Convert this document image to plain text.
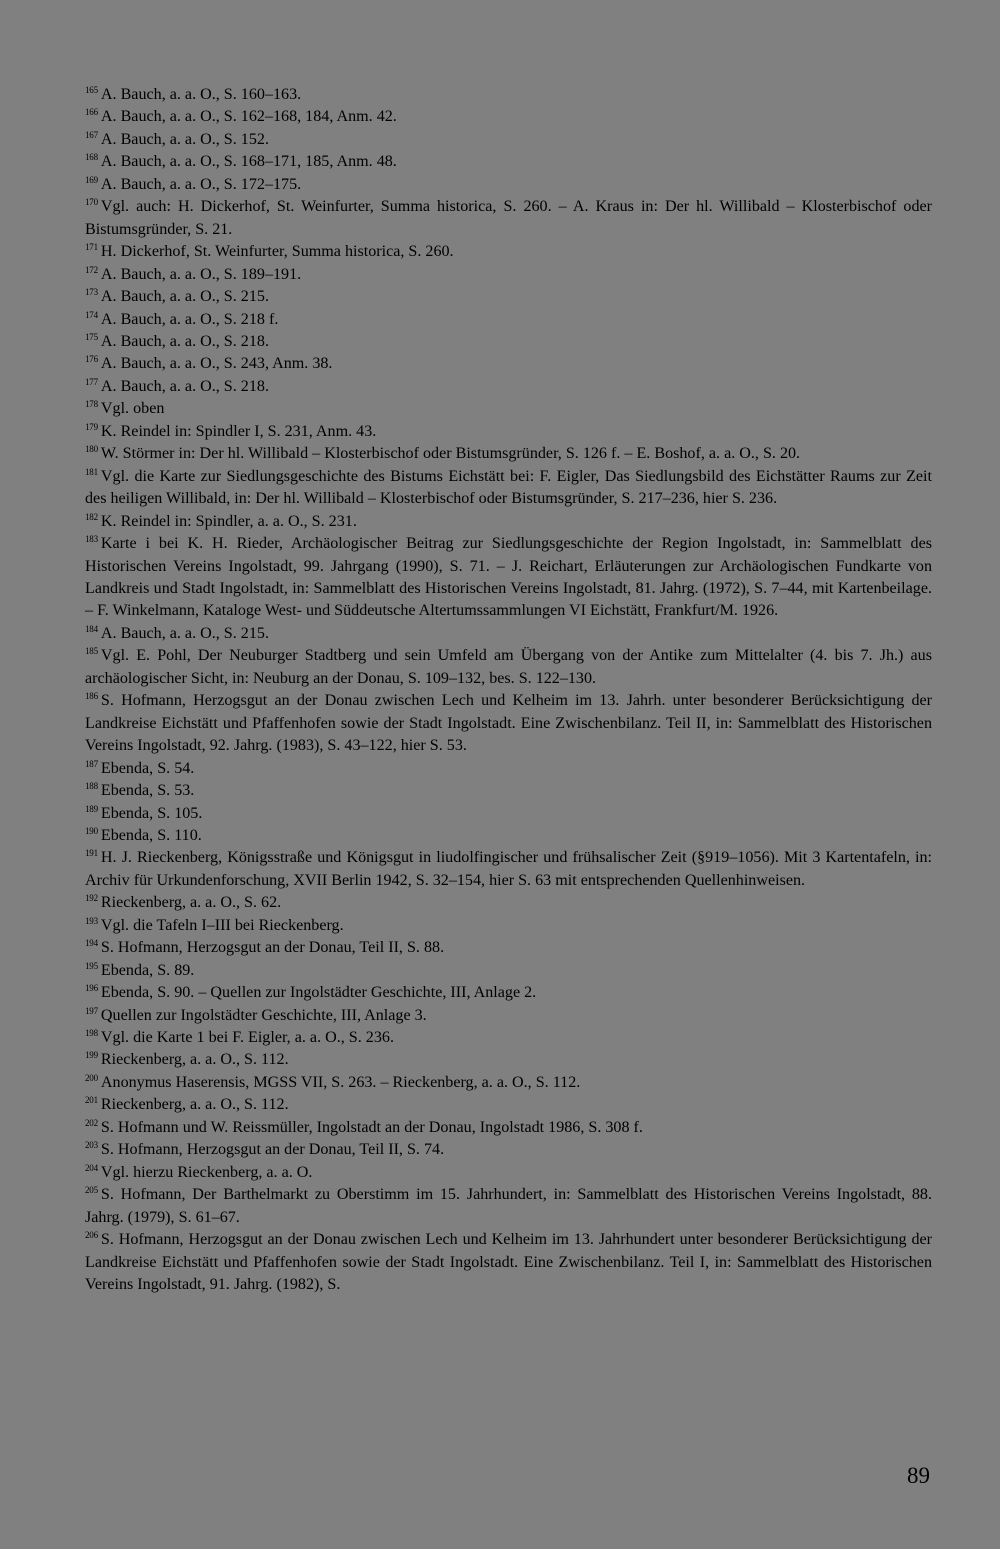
$^{165}$ A. Bauch, a. a. O., S. 160–163.
$^{166}$ A. Bauch, a. a. O., S. 162–168, 184, Anm. 42.
$^{167}$ A. Bauch, a. a. O., S. 152.
$^{168}$ A. Bauch, a. a. O., S. 168–171, 185, Anm. 48.
$^{169}$ A. Bauch, a. a. O., S. 172–175.
$^{170}$ Vgl. auch: H. Dickerhof, St. Weinfurter, Summa historica, S. 260. – A. Kraus in: Der hl. Willibald – Klosterbischof oder Bistumsgründer, S. 21.
$^{171}$ H. Dickerhof, St. Weinfurter, Summa historica, S. 260.
$^{172}$ A. Bauch, a. a. O., S. 189–191.
$^{173}$ A. Bauch, a. a. O., S. 215.
$^{174}$ A. Bauch, a. a. O., S. 218 f.
$^{175}$ A. Bauch, a. a. O., S. 218.
$^{176}$ A. Bauch, a. a. O., S. 243, Anm. 38.
$^{177}$ A. Bauch, a. a. O., S. 218.
$^{178}$ Vgl. oben
$^{179}$ K. Reindel in: Spindler I, S. 231, Anm. 43.
$^{180}$ W. Störmer in: Der hl. Willibald – Klosterbischof oder Bistumsgründer, S. 126 f. – E. Boshof, a. a. O., S. 20.
$^{181}$ Vgl. die Karte zur Siedlungsgeschichte des Bistums Eichstätt bei: F. Eigler, Das Siedlungsbild des Eichstätter Raums zur Zeit des heiligen Willibald, in: Der hl. Willibald – Klosterbischof oder Bistumsgründer, S. 217–236, hier S. 236.
$^{182}$ K. Reindel in: Spindler, a. a. O., S. 231.
$^{183}$ Karte i bei K. H. Rieder, Archäologischer Beitrag zur Siedlungsgeschichte der Region Ingolstadt, in: Sammelblatt des Historischen Vereins Ingolstadt, 99. Jahrgang (1990), S. 71. – J. Reichart, Erläuterungen zur Archäologischen Fundkarte von Landkreis und Stadt Ingolstadt, in: Sammelblatt des Historischen Vereins Ingolstadt, 81. Jahrg. (1972), S. 7–44, mit Kartenbeilage. – F. Winkelmann, Kataloge West- und Süddeutsche Altertumssammlungen VI Eichstätt, Frankfurt/M. 1926.
$^{184}$ A. Bauch, a. a. O., S. 215.
$^{185}$ Vgl. E. Pohl, Der Neuburger Stadtberg und sein Umfeld am Übergang von der Antike zum Mittelalter (4. bis 7. Jh.) aus archäologischer Sicht, in: Neuburg an der Donau, S. 109–132, bes. S. 122–130.
$^{186}$ S. Hofmann, Herzogsgut an der Donau zwischen Lech und Kelheim im 13. Jahrh. unter besonderer Berücksichtigung der Landkreise Eichstätt und Pfaffenhofen sowie der Stadt Ingolstadt. Eine Zwischenbilanz. Teil II, in: Sammelblatt des Historischen Vereins Ingolstadt, 92. Jahrg. (1983), S. 43–122, hier S. 53.
$^{187}$ Ebenda, S. 54.
$^{188}$ Ebenda, S. 53.
$^{189}$ Ebenda, S. 105.
$^{190}$ Ebenda, S. 110.
$^{191}$ H. J. Rieckenberg, Königsstraße und Königsgut in liudolfingischer und frühsalischer Zeit (§919–1056). Mit 3 Kartentafeln, in: Archiv für Urkundenforschung, XVII Berlin 1942, S. 32–154, hier S. 63 mit entsprechenden Quellenhinweisen.
$^{192}$ Rieckenberg, a. a. O., S. 62.
$^{193}$ Vgl. die Tafeln I–III bei Rieckenberg.
$^{194}$ S. Hofmann, Herzogsgut an der Donau, Teil II, S. 88.
$^{195}$ Ebenda, S. 89.
$^{196}$ Ebenda, S. 90. – Quellen zur Ingolstädter Geschichte, III, Anlage 2.
$^{197}$ Quellen zur Ingolstädter Geschichte, III, Anlage 3.
$^{198}$ Vgl. die Karte 1 bei F. Eigler, a. a. O., S. 236.
$^{199}$ Rieckenberg, a. a. O., S. 112.
$^{200}$ Anonymus Haserensis, MGSS VII, S. 263. – Rieckenberg, a. a. O., S. 112.
$^{201}$ Rieckenberg, a. a. O., S. 112.
$^{202}$ S. Hofmann und W. Reissmüller, Ingolstadt an der Donau, Ingolstadt 1986, S. 308 f.
$^{203}$ S. Hofmann, Herzogsgut an der Donau, Teil II, S. 74.
$^{204}$ Vgl. hierzu Rieckenberg, a. a. O.
$^{205}$ S. Hofmann, Der Barthelmarkt zu Oberstimm im 15. Jahrhundert, in: Sammelblatt des Historischen Vereins Ingolstadt, 88. Jahrg. (1979), S. 61–67.
$^{206}$ S. Hofmann, Herzogsgut an der Donau zwischen Lech und Kelheim im 13. Jahrhundert unter besonderer Berücksichtigung der Landkreise Eichstätt und Pfaffenhofen sowie der Stadt Ingolstadt. Eine Zwischenbilanz. Teil I, in: Sammelblatt des Historischen Vereins Ingolstadt, 91. Jahrg. (1982), S.
89
